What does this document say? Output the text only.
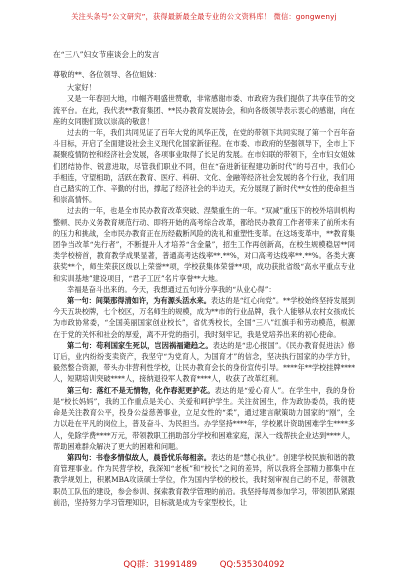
关注头条号“公文研究”，获得最新最全最专业的公文资料库！ 微信：gongwenyj
在“三八”妇女节座谈会上的发言
尊敬的**、各位领导、各位姐妹：
大家好！
又是一年春回大地，巾帼齐唱盛世赞歌，非常感谢市委、市政府为我们提供了共享佳节的交流平台。在此，我代表**教育集团、**民办教育发展协会，和向各级领导表示衷心的感谢，向在座的女同胞们致以崇高的敬意！
过去的一年，我们共同见证了百年大党的风华正茂，在党的带领下共同实现了第一个百年奋斗目标，开启了全面建设社会主义现代化国家新征程。在市委、市政府的坚强领导下，全市上下凝聚疫情防控和经济社会发展，各项事业取得了长足的发展。在市妇联的带领下，全市妇女姐妹们团结协作、锐意进取，尽管我们职业不同，但在“奋进新征程建功新时代”的号召中，我们心手相连，守望相助，活跃在教育、医疗、科研、文化、金融等经济社会发展的各个行业，我们用自己踏实的工作、辛勤的付出，撑起了经济社会的半边天，充分展现了新时代**女性的使命担当和崇高情怀。
过去的一年，也是全市民办教育改革突破、涅槃重生的一年。“双减”重压下的校外培训机构整顿、民办义务教育规范行动、即将开始的高考综合改革，都给民办教育工作者带来了前所未有的压力和挑战，全市民办教育正在历经截断风险的洗礼和重塑性变革。在这场变革中，**教育集团争当改革“先行者”，不断提升人才培养“含金量”，招生工作再创新高，在校生规模稳居**同类学校榜首，教育教学成果显著，普通高考达线率**.**%，对口高考达线率**.**%。各类大赛获奖**个，师生荣获区级以上荣誉**项，学校获集体荣誉**项，成功获批省级“高水平重点专业和实训基地”建设项目，“君子工匠”名片享誉**大地。
幸福是奋斗出来的。今天，我想通过五句诗分享我的“从业心得”：
第一句：间渠那得清如许，为有源头活水来。表达的是“红心向党”。**学校始终坚持发展到今天五块校牌，七个校区，万名师生的规模，成为**市的行业品牌，我个人能够从农村女孩成长为市政协常委，“全国美丽国家创业校长”，省优秀校长，全国“三八”红旗手和劳动模范，根源在于党的关怀和社会的厚爱，离不开党的指引，我时刻牢记，我是党培养出来的初心使命。
第二句：苟利国家生死以，岂因祸福避趋之。表达的是“忠心报国”。《民办教育促进法》修订后，业内纷纷变卖资产，我坚守“为党育人，为国育才”的信念，坚决执行国家的办学方针，毅然整合资源，带头办非营利性学校，让民办教育会长的身份宣传引导。****年**学校挂牌****人，短期培训突破****人，接纳退役军人教育****人，收获了改革红利。
第三句：落红不是无情物，化作春泥更护花。表达的是“爱心育人”。在学生中，我的身份是“校长妈妈”，我的工作重点是关心、关爱和呵护学生。关注贫困生，作为政协委员，我的使命是关注教育公平，投身公益慈善事业，立足女性的“柔”，通过建言献策助力国家的“刚”，全力以赴在平凡的岗位上，普及奋斗、为民担当。办学坚持****年，学校累计资助困难学生****多人，免除学费****万元，带领教职工捐助部分学校和困难家庭，深入一线帮扶企业达到****人，帮助困难群众解决了更大的困难和问题。
第四句：书卷多情似故人，晨昏忧乐每相亲。表达的是“慧心执业”。创建学校民族和谐的教育管理事业。作为民营学校，我深知“老板”和“校长”之间的差异，所以我将全部精力都集中在教学规划上，积累MBA攻读硕士学位，作为国内学校的校长，我时刻审视自己的不足，带领教职员工队伍的建设，参会参训、探索教育教学管理的前沿。我坚持每周参加学习，带领团队紧跟前沿，坚持努力学习管理知识，目标就是成为专家型校长，让
QQ群：31991489	QQ:535304092
